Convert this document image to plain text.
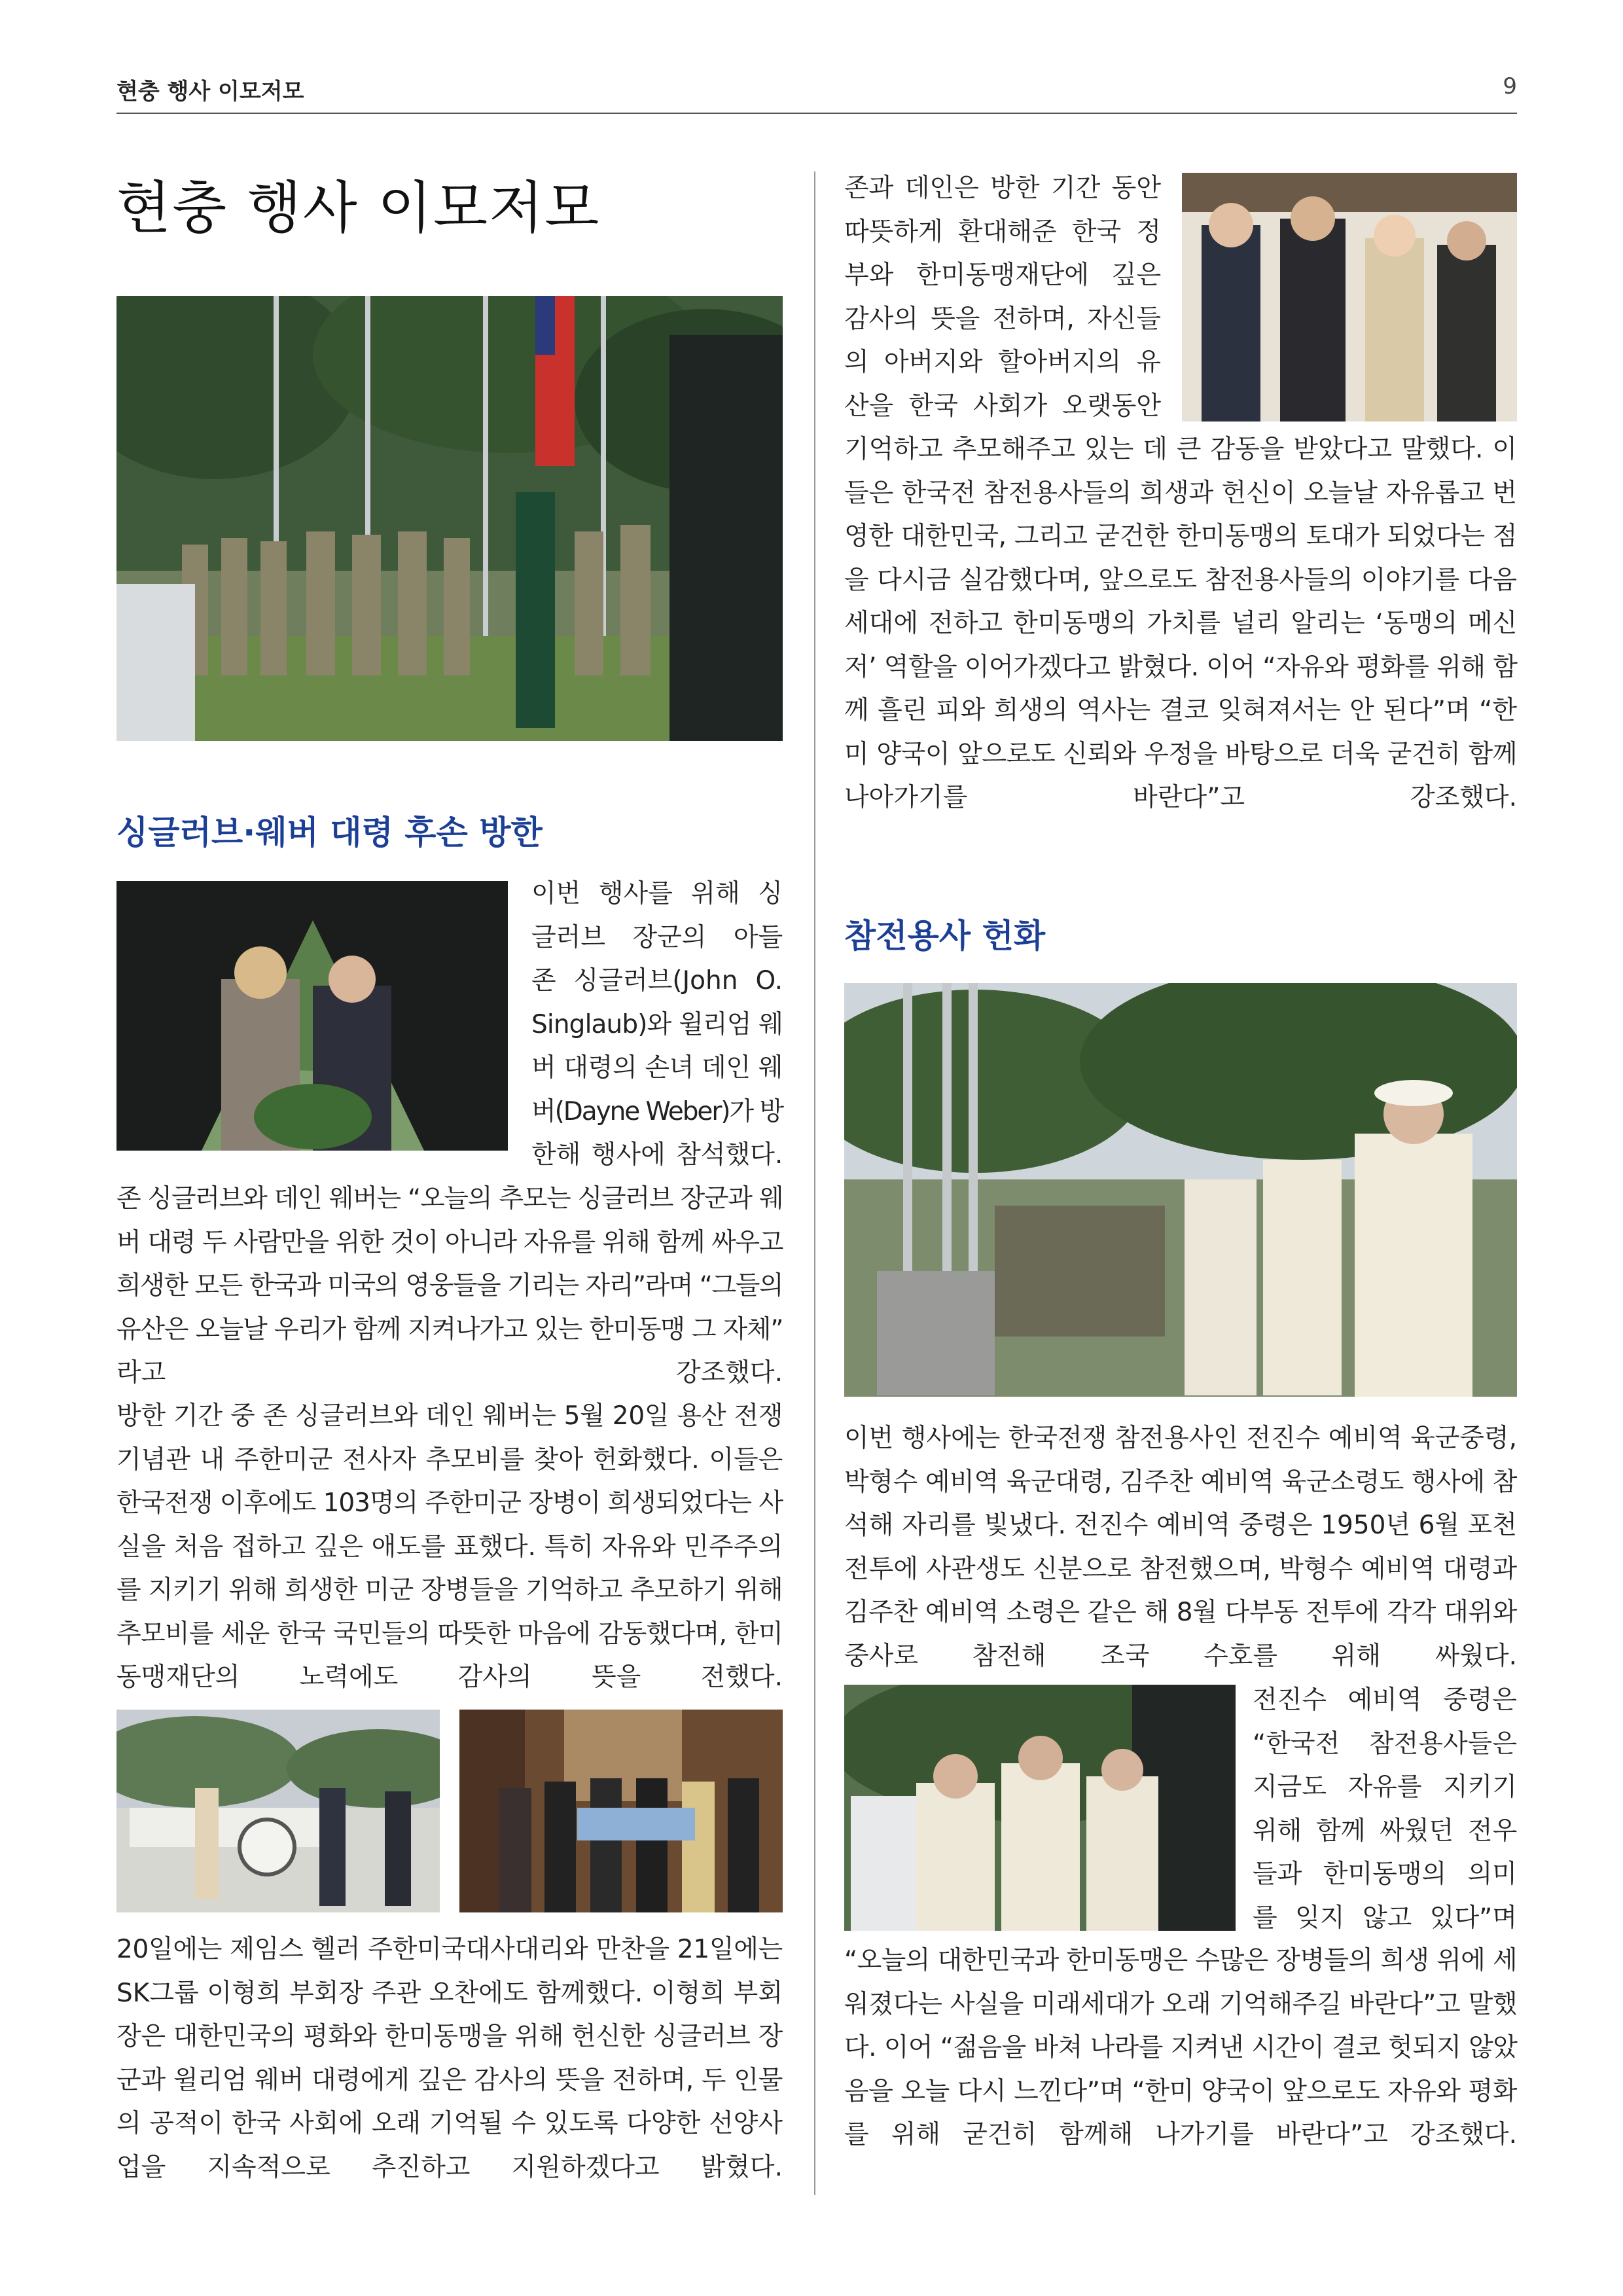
현충 행사 이모저모	9
현충 행사 이모저모
싱글러브·웨버 대령 후손 방한
이번 행사를 위해 싱
글러브 장군의 아들
존 싱글러브(John O.
Singlaub)와 윌리엄 웨
버 대령의 손녀 데인 웨
버(Dayne Weber)가 방
한해 행사에 참석했다.
존 싱글러브와 데인 웨버는 “오늘의 추모는 싱글러브 장군과 웨
버 대령 두 사람만을 위한 것이 아니라 자유를 위해 함께 싸우고
희생한 모든 한국과 미국의 영웅들을 기리는 자리”라며 “그들의
유산은 오늘날 우리가 함께 지켜나가고 있는 한미동맹 그 자체”
라고 강조했다.
방한 기간 중 존 싱글러브와 데인 웨버는 5월 20일 용산 전쟁
기념관 내 주한미군 전사자 추모비를 찾아 헌화했다. 이들은
한국전쟁 이후에도 103명의 주한미군 장병이 희생되었다는 사
실을 처음 접하고 깊은 애도를 표했다. 특히 자유와 민주주의
를 지키기 위해 희생한 미군 장병들을 기억하고 추모하기 위해
추모비를 세운 한국 국민들의 따뜻한 마음에 감동했다며, 한미
동맹재단의 노력에도 감사의 뜻을 전했다.
20일에는 제임스 헬러 주한미국대사대리와 만찬을 21일에는
SK그룹 이형희 부회장 주관 오찬에도 함께했다. 이형희 부회
장은 대한민국의 평화와 한미동맹을 위해 헌신한 싱글러브 장
군과 윌리엄 웨버 대령에게 깊은 감사의 뜻을 전하며, 두 인물
의 공적이 한국 사회에 오래 기억될 수 있도록 다양한 선양사
업을 지속적으로 추진하고 지원하겠다고 밝혔다.
존과 데인은 방한 기간 동안
따뜻하게 환대해준 한국 정
부와 한미동맹재단에 깊은
감사의 뜻을 전하며, 자신들
의 아버지와 할아버지의 유
산을 한국 사회가 오랫동안
기억하고 추모해주고 있는 데 큰 감동을 받았다고 말했다. 이
들은 한국전 참전용사들의 희생과 헌신이 오늘날 자유롭고 번
영한 대한민국, 그리고 굳건한 한미동맹의 토대가 되었다는 점
을 다시금 실감했다며, 앞으로도 참전용사들의 이야기를 다음
세대에 전하고 한미동맹의 가치를 널리 알리는 ‘동맹의 메신
저’ 역할을 이어가겠다고 밝혔다. 이어 “자유와 평화를 위해 함
께 흘린 피와 희생의 역사는 결코 잊혀져서는 안 된다”며 “한
미 양국이 앞으로도 신뢰와 우정을 바탕으로 더욱 굳건히 함께
나아가기를 바란다”고 강조했다.
참전용사 헌화
이번 행사에는 한국전쟁 참전용사인 전진수 예비역 육군중령,
박형수 예비역 육군대령, 김주찬 예비역 육군소령도 행사에 참
석해 자리를 빛냈다. 전진수 예비역 중령은 1950년 6월 포천
전투에 사관생도 신분으로 참전했으며, 박형수 예비역 대령과
김주찬 예비역 소령은 같은 해 8월 다부동 전투에 각각 대위와
중사로 참전해 조국 수호를 위해 싸웠다.
전진수 예비역 중령은
“한국전 참전용사들은
지금도 자유를 지키기
위해 함께 싸웠던 전우
들과 한미동맹의 의미
를 잊지 않고 있다”며
“오늘의 대한민국과 한미동맹은 수많은 장병들의 희생 위에 세
워졌다는 사실을 미래세대가 오래 기억해주길 바란다”고 말했
다. 이어 “젊음을 바쳐 나라를 지켜낸 시간이 결코 헛되지 않았
음을 오늘 다시 느낀다”며 “한미 양국이 앞으로도 자유와 평화
를 위해 굳건히 함께해 나가기를 바란다”고 강조했다.
